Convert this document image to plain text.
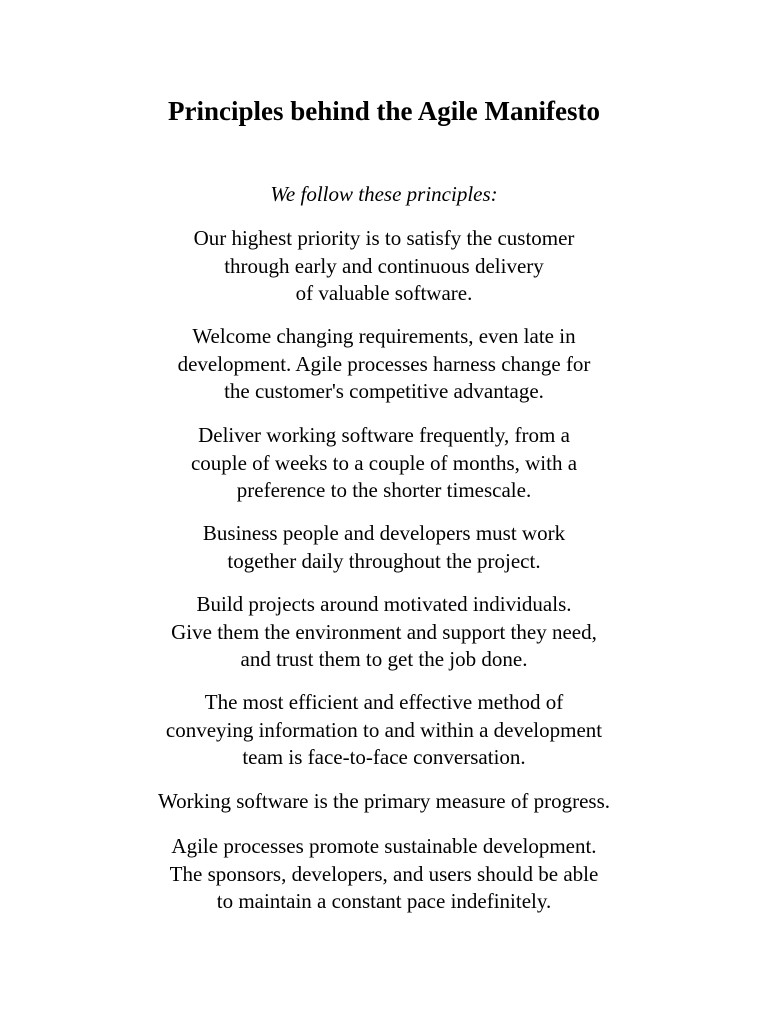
Principles behind the Agile Manifesto

We follow these principles:

Our highest priority is to satisfy the customer
through early and continuous delivery
of valuable software.

Welcome changing requirements, even late in
development. Agile processes harness change for
the customer's competitive advantage.

Deliver working software frequently, from a
couple of weeks to a couple of months, with a
preference to the shorter timescale.

Business people and developers must work
together daily throughout the project.

Build projects around motivated individuals.
Give them the environment and support they need,
and trust them to get the job done.

The most efficient and effective method of
conveying information to and within a development
team is face-to-face conversation.

Working software is the primary measure of progress.

Agile processes promote sustainable development.
The sponsors, developers, and users should be able
to maintain a constant pace indefinitely.
